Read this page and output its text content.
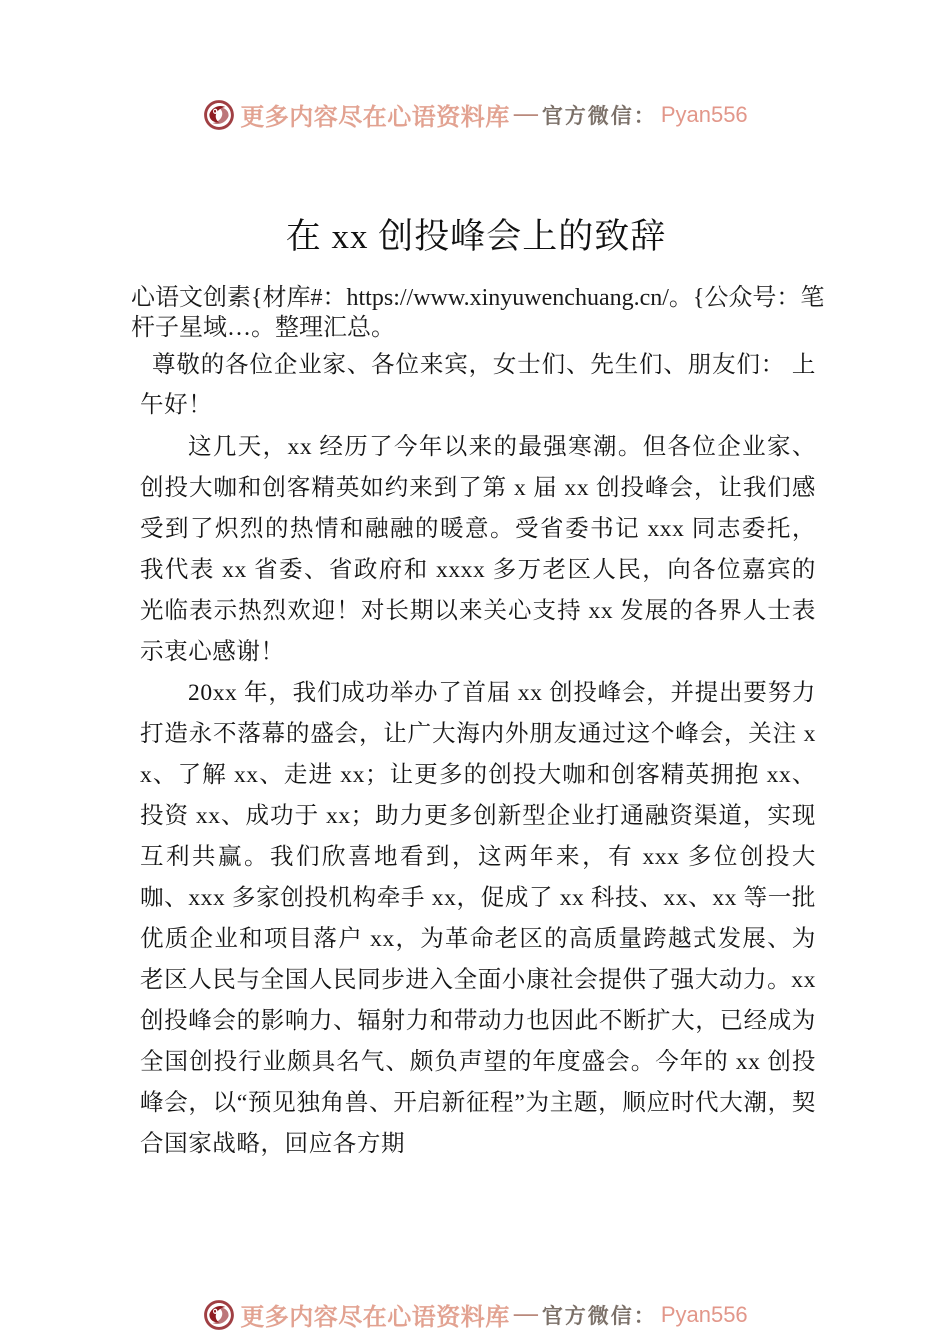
更多内容尽在心语资料库 — 官方微信： Pyan556
在 xx 创投峰会上的致辞
心语文创素{材库#：https://www.xinyuwenchuang.cn/。{公众号：笔杆子星域…。整理汇总。

尊敬的各位企业家、各位来宾，女士们、先生们、朋友们： 上午好！

这几天，xx 经历了今年以来的最强寒潮。但各位企业家、创投大咖和创客精英如约来到了第 x 届 xx 创投峰会，让我们感受到了炽烈的热情和融融的暖意。受省委书记 xxx 同志委托，我代表 xx 省委、省政府和 xxxx 多万老区人民，向各位嘉宾的光临表示热烈欢迎！对长期以来关心支持 xx 发展的各界人士表示衷心感谢！

20xx 年，我们成功举办了首届 xx 创投峰会，并提出要努力打造永不落幕的盛会，让广大海内外朋友通过这个峰会，关注 xx、了解 xx、走进 xx；让更多的创投大咖和创客精英拥抱 xx、投资 xx、成功于 xx；助力更多创新型企业打通融资渠道，实现互利共赢。我们欣喜地看到，这两年来，有 xxx 多位创投大咖、xxx 多家创投机构牵手 xx，促成了 xx 科技、xx、xx 等一批优质企业和项目落户 xx，为革命老区的高质量跨越式发展、为老区人民与全国人民同步进入全面小康社会提供了强大动力。xx 创投峰会的影响力、辐射力和带动力也因此不断扩大，已经成为全国创投行业颇具名气、颇负声望的年度盛会。今年的 xx 创投峰会，以“预见独角兽、开启新征程”为主题，顺应时代大潮，契合国家战略，回应各方期

更多内容尽在心语资料库 — 官方微信： Pyan556
